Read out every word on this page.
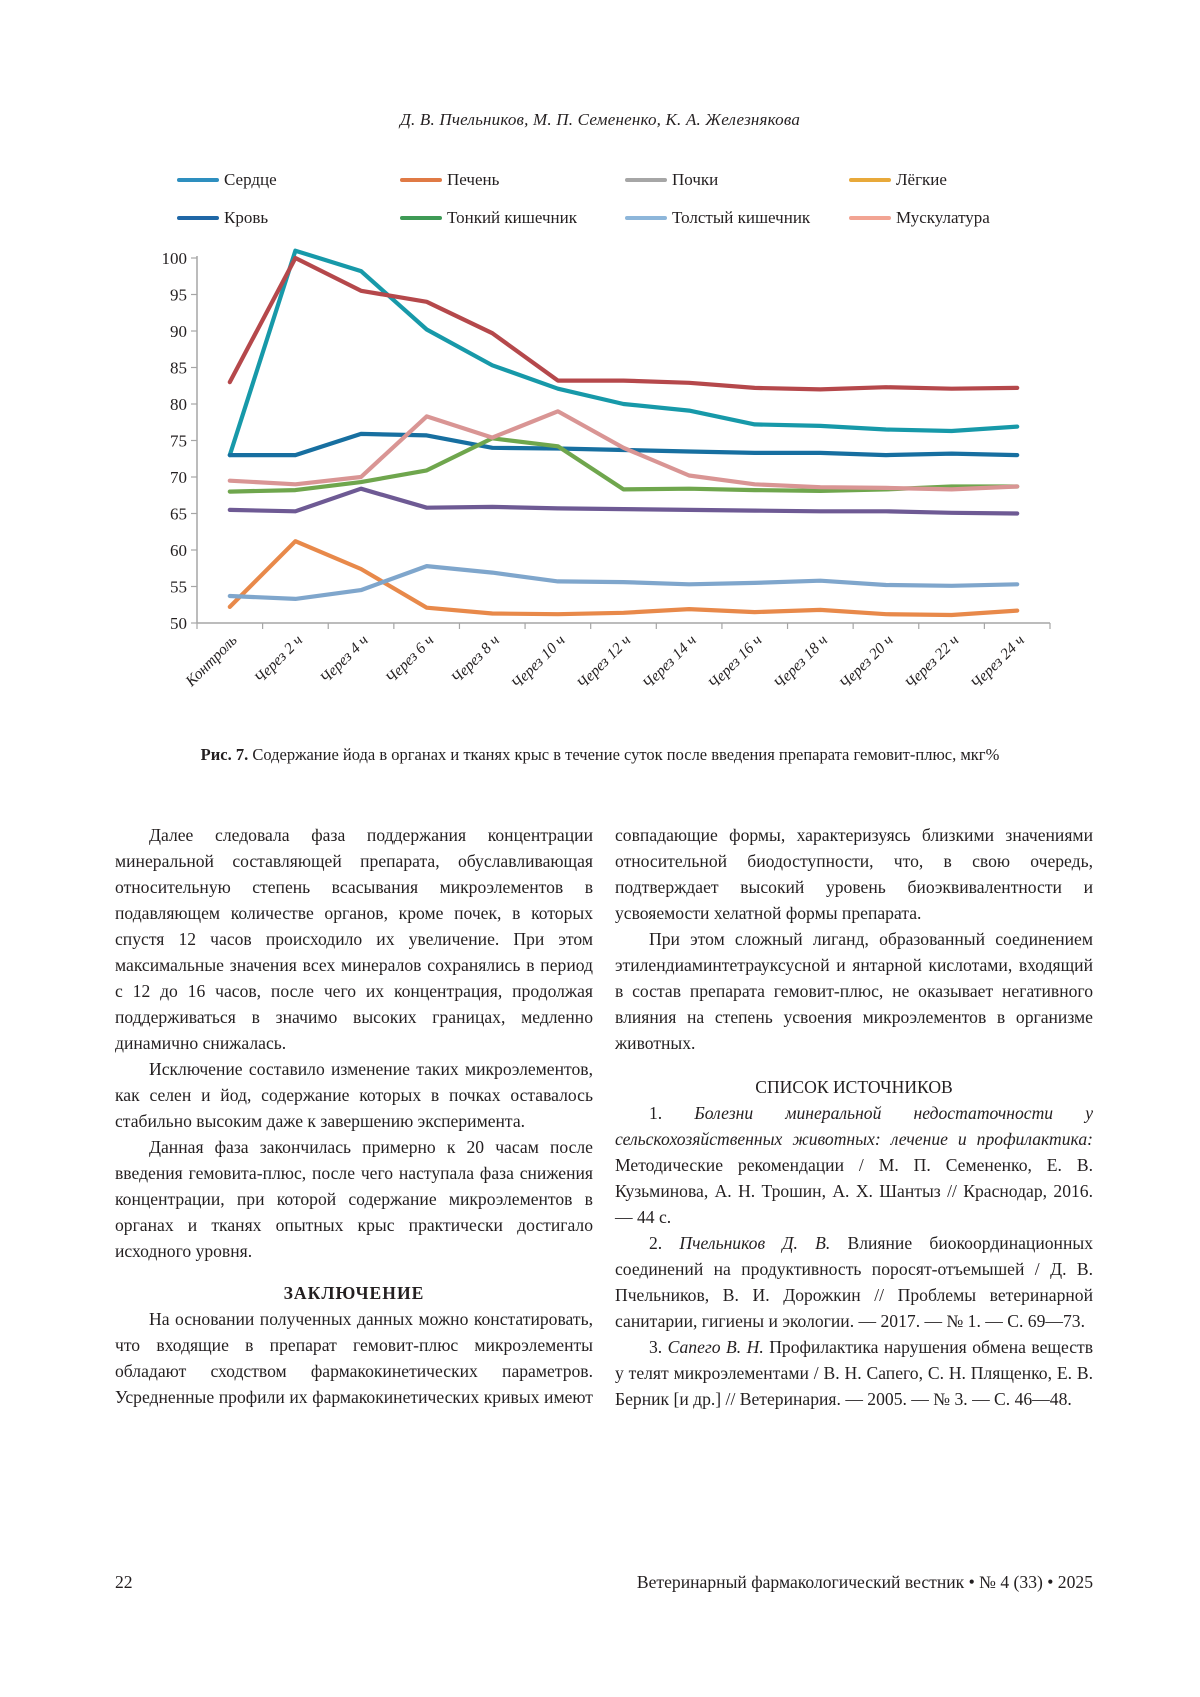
Д. В. Пчельников, М. П. Семененко, К. А. Железнякова
Сердце	Печень	Почки	Лёгкие
Кровь	Тонкий кишечник	Толстый кишечник	Мускулатура
50
55
60
65
70
75
80
85
90
95
100
Контроль Через 2 ч Через 4 ч Через 6 ч Через 8 ч Через 10 ч Через 12 ч Через 14 ч Через 16 ч Через 18 ч Через 20 ч Через 22 ч Через 24 ч
Рис. 7. Содержание йода в органах и тканях крыс в течение суток после введения препарата гемовит-плюс, мкг%

Далее следовала фаза поддержания концентрации минеральной составляющей препарата, обуславливающая относительную степень всасывания микроэлементов в подавляющем количестве органов, кроме почек, в которых спустя 12 часов происходило их увеличение. При этом максимальные значения всех минералов сохранялись в период с 12 до 16 часов, после чего их концентрация, продолжая поддерживаться в значимо высоких границах, медленно динамично снижалась.

Исключение составило изменение таких микроэлементов, как селен и йод, содержание которых в почках оставалось стабильно высоким даже к завершению эксперимента.

Данная фаза закончилась примерно к 20 часам после введения гемовита-плюс, после чего наступала фаза снижения концентрации, при которой содержание микроэлементов в органах и тканях опытных крыс практически достигало исходного уровня.

ЗАКЛЮЧЕНИЕ

На основании полученных данных можно констатировать, что входящие в препарат гемовит-плюс микроэлементы обладают сходством фармакокинетических параметров. Усредненные профили их фармакокинетических кривых имеют

совпадающие формы, характеризуясь близкими значениями относительной биодоступности, что, в свою очередь, подтверждает высокий уровень биоэквивалентности и усвояемости хелатной формы препарата.

При этом сложный лиганд, образованный соединением этилендиаминтетрауксусной и янтарной кислотами, входящий в состав препарата гемовит-плюс, не оказывает негативного влияния на степень усвоения микроэлементов в организме животных.

СПИСОК ИСТОЧНИКОВ

1. Болезни минеральной недостаточности у сельскохозяйственных животных: лечение и профилактика: Методические рекомендации / М. П. Семененко, Е. В. Кузьминова, А. Н. Трошин, А. Х. Шантыз // Краснодар, 2016. — 44 с.

2. Пчельников Д. В. Влияние биокоординационных соединений на продуктивность поросят-отъемышей / Д. В. Пчельников, В. И. Дорожкин // Проблемы ветеринарной санитарии, гигиены и экологии. — 2017. — № 1. — С. 69—73.

3. Сапего В. Н. Профилактика нарушения обмена веществ у телят микроэлементами / В. Н. Сапего, С. Н. Плященко, Е. В. Берник [и др.] // Ветеринария. — 2005. — № 3. — С. 46—48.

22	Ветеринарный фармакологический вестник • № 4 (33) • 2025
